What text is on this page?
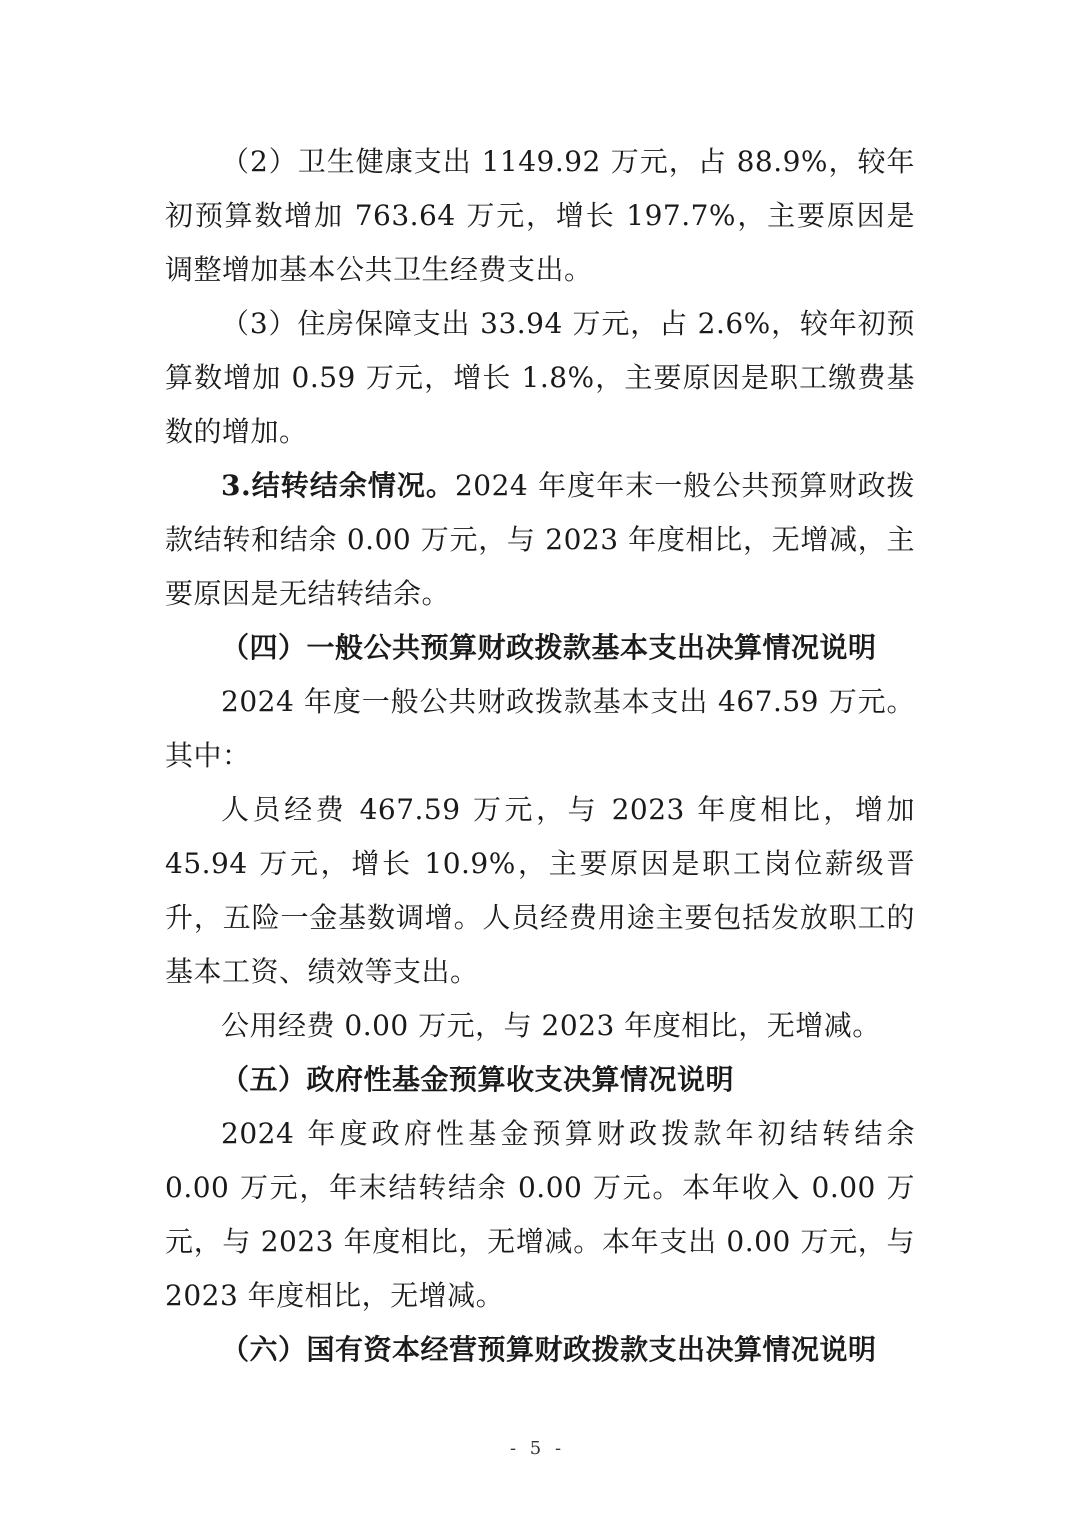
（2）卫生健康支出 1149.92 万元，占 88.9%，较年初预算数增加 763.64 万元，增长 197.7%，主要原因是调整增加基本公共卫生经费支出。

（3）住房保障支出 33.94 万元，占 2.6%，较年初预算数增加 0.59 万元，增长 1.8%，主要原因是职工缴费基数的增加。

3.结转结余情况。2024 年度年末一般公共预算财政拨款结转和结余 0.00 万元，与 2023 年度相比，无增减，主要原因是无结转结余。

（四）一般公共预算财政拨款基本支出决算情况说明

2024 年度一般公共财政拨款基本支出 467.59 万元。其中：

人员经费 467.59 万元，与 2023 年度相比，增加 45.94 万元，增长 10.9%，主要原因是职工岗位薪级晋升，五险一金基数调增。人员经费用途主要包括发放职工的基本工资、绩效等支出。

公用经费 0.00 万元，与 2023 年度相比，无增减。

（五）政府性基金预算收支决算情况说明

2024 年度政府性基金预算财政拨款年初结转结余 0.00 万元，年末结转结余 0.00 万元。本年收入 0.00 万元，与 2023 年度相比，无增减。本年支出 0.00 万元，与 2023 年度相比，无增减。

（六）国有资本经营预算财政拨款支出决算情况说明
- 5 -
